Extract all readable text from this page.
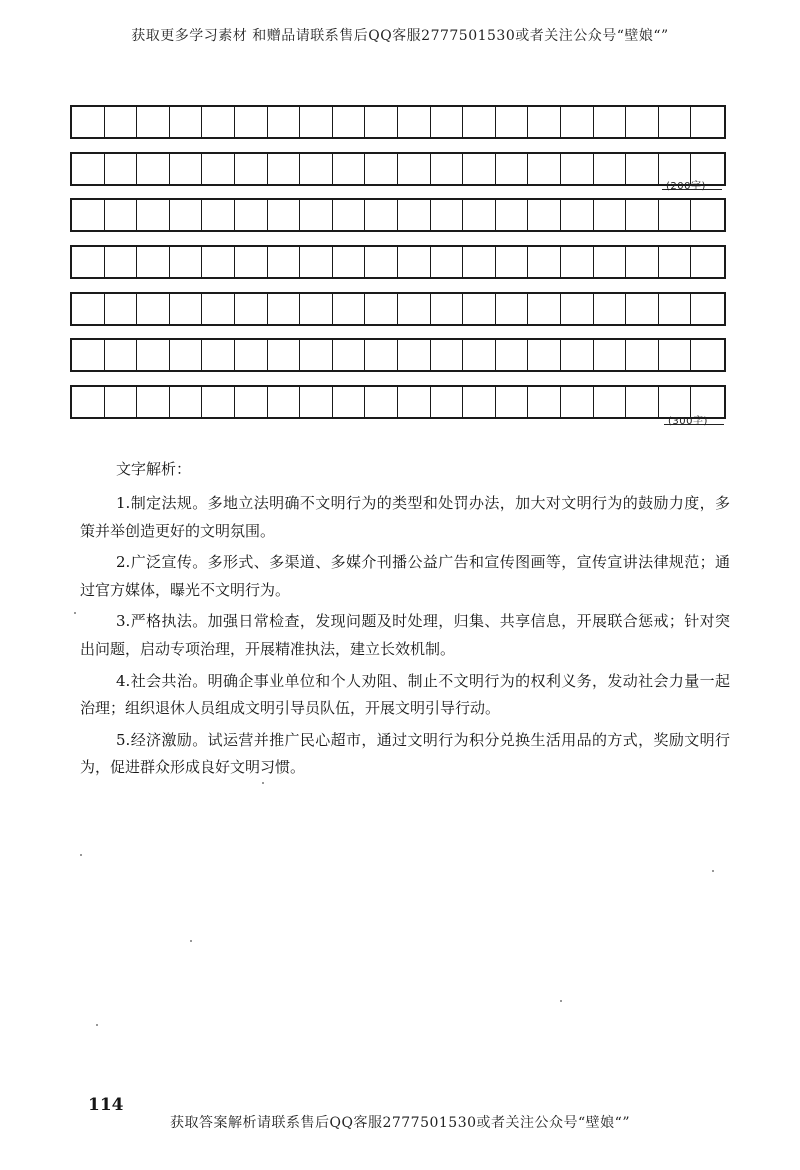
获取更多学习素材 和赠品请联系售后QQ客服2777501530或者关注公众号“壁娘“”
(200字)
(300字)
文字解析：

1.制定法规。多地立法明确不文明行为的类型和处罚办法，加大对文明行为的鼓励力度，多策并举创造更好的文明氛围。

2.广泛宣传。多形式、多渠道、多媒介刊播公益广告和宣传图画等，宣传宣讲法律规范；通过官方媒体，曝光不文明行为。

3.严格执法。加强日常检查，发现问题及时处理，归集、共享信息，开展联合惩戒；针对突出问题，启动专项治理，开展精准执法，建立长效机制。

4.社会共治。明确企事业单位和个人劝阻、制止不文明行为的权利义务，发动社会力量一起治理；组织退休人员组成文明引导员队伍，开展文明引导行动。

5.经济激励。试运营并推广民心超市，通过文明行为积分兑换生活用品的方式，奖励文明行为，促进群众形成良好文明习惯。

114
获取答案解析请联系售后QQ客服2777501530或者关注公众号“壁娘“”
